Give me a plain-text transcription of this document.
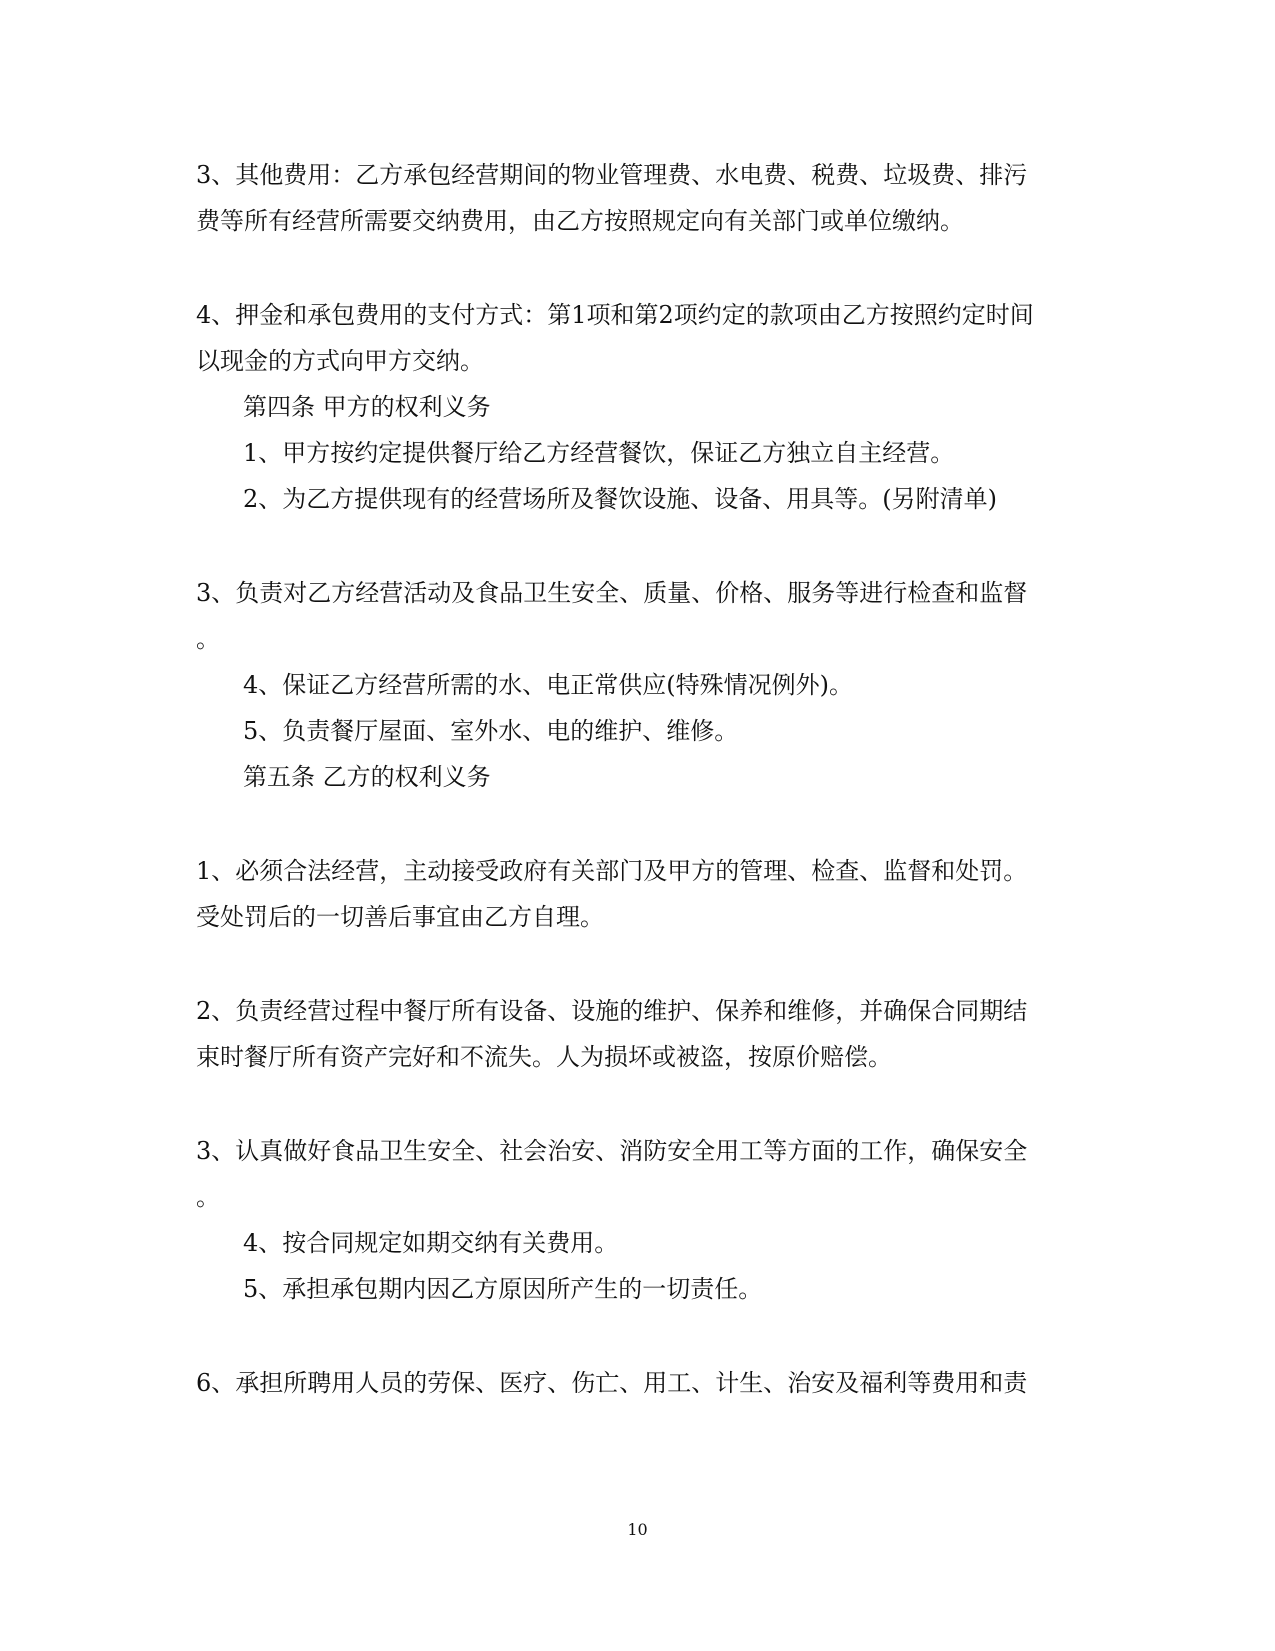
3、其他费用：乙方承包经营期间的物业管理费、水电费、税费、垃圾费、排污
费等所有经营所需要交纳费用，由乙方按照规定向有关部门或单位缴纳。
4、押金和承包费用的支付方式：第1项和第2项约定的款项由乙方按照约定时间
以现金的方式向甲方交纳。
第四条 甲方的权利义务
1、甲方按约定提供餐厅给乙方经营餐饮，保证乙方独立自主经营。
2、为乙方提供现有的经营场所及餐饮设施、设备、用具等。(另附清单)
3、负责对乙方经营活动及食品卫生安全、质量、价格、服务等进行检查和监督
。
4、保证乙方经营所需的水、电正常供应(特殊情况例外)。
5、负责餐厅屋面、室外水、电的维护、维修。
第五条 乙方的权利义务
1、必须合法经营，主动接受政府有关部门及甲方的管理、检查、监督和处罚。
受处罚后的一切善后事宜由乙方自理。
2、负责经营过程中餐厅所有设备、设施的维护、保养和维修，并确保合同期结
束时餐厅所有资产完好和不流失。人为损坏或被盗，按原价赔偿。
3、认真做好食品卫生安全、社会治安、消防安全用工等方面的工作，确保安全
。
4、按合同规定如期交纳有关费用。
5、承担承包期内因乙方原因所产生的一切责任。
6、承担所聘用人员的劳保、医疗、伤亡、用工、计生、治安及福利等费用和责
10
